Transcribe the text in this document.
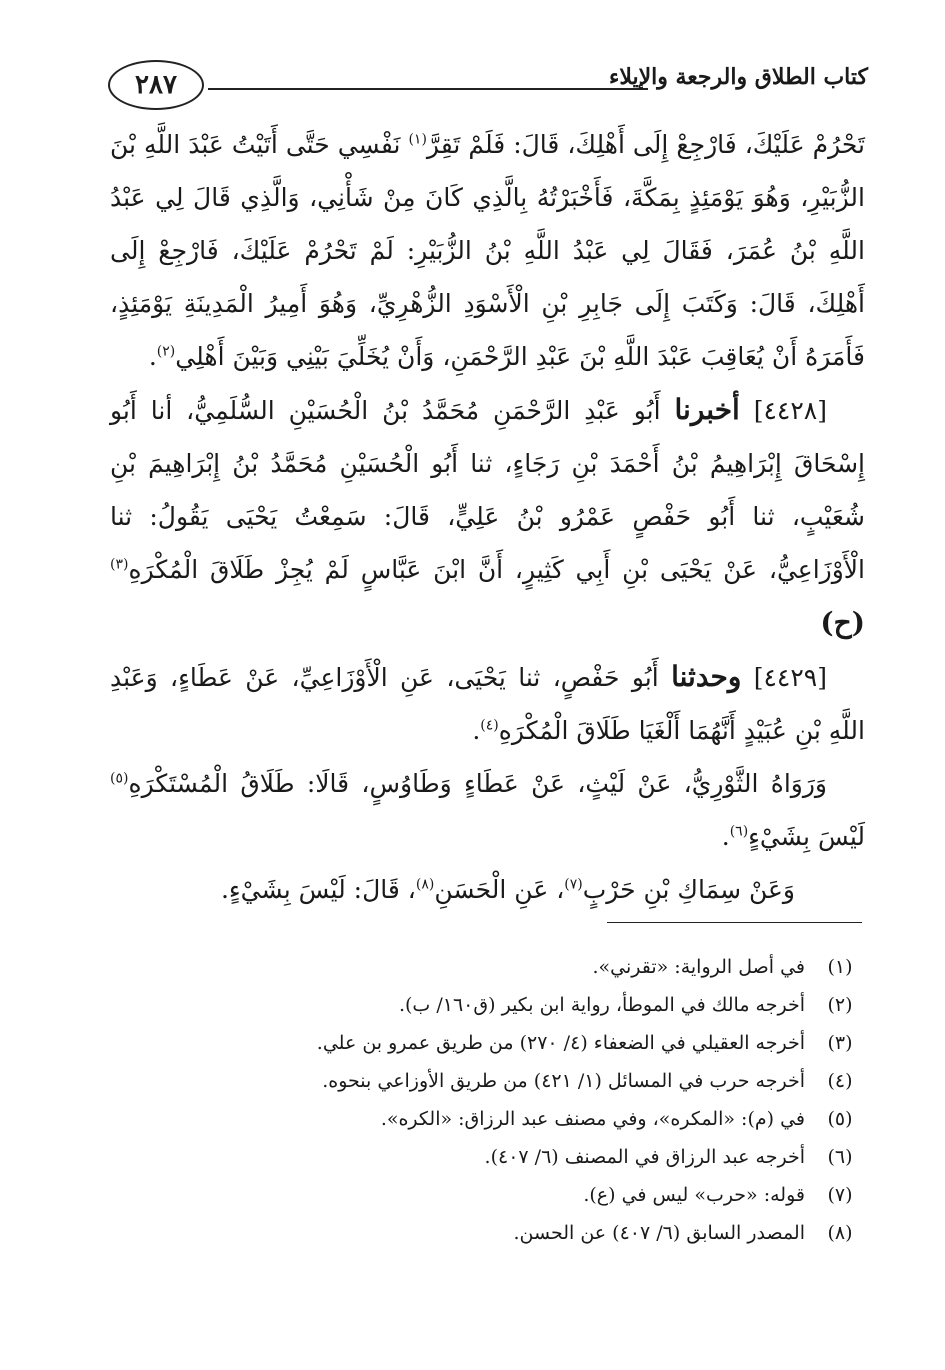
٢٨٧	كتاب الطلاق والرجعة والإيلاء

تَحْرُمْ عَلَيْكَ، فَارْجِعْ إِلَى أَهْلِكَ، قَالَ: فَلَمْ تَقِرَّ$^{(١)}$ نَفْسِي حَتَّى أَتَيْتُ عَبْدَ اللَّهِ بْنَ الزُّبَيْرِ، وَهُوَ يَوْمَئِذٍ بِمَكَّةَ، فَأَخْبَرْتُهُ بِالَّذِي كَانَ مِنْ شَأْنِي، وَالَّذِي قَالَ لِي عَبْدُ اللَّهِ بْنُ عُمَرَ، فَقَالَ لِي عَبْدُ اللَّهِ بْنُ الزُّبَيْرِ: لَمْ تَحْرُمْ عَلَيْكَ، فَارْجِعْ إِلَى أَهْلِكَ، قَالَ: وَكَتَبَ إِلَى جَابِرِ بْنِ الْأَسْوَدِ الزُّهْرِيِّ، وَهُوَ أَمِيرُ الْمَدِينَةِ يَوْمَئِذٍ، فَأَمَرَهُ أَنْ يُعَاقِبَ عَبْدَ اللَّهِ بْنَ عَبْدِ الرَّحْمَنِ، وَأَنْ يُخَلِّيَ بَيْنِي وَبَيْنَ أَهْلِي$^{(٢)}$.

[٤٤٢٨] أخبرنا أَبُو عَبْدِ الرَّحْمَنِ مُحَمَّدُ بْنُ الْحُسَيْنِ السُّلَمِيُّ، أنا أَبُو إِسْحَاقَ إِبْرَاهِيمُ بْنُ أَحْمَدَ بْنِ رَجَاءٍ، ثنا أَبُو الْحُسَيْنِ مُحَمَّدُ بْنُ إِبْرَاهِيمَ بْنِ شُعَيْبٍ، ثنا أَبُو حَفْصٍ عَمْرُو بْنُ عَلِيٍّ، قَالَ: سَمِعْتُ يَحْيَى يَقُولُ: ثنا الْأَوْزَاعِيُّ، عَنْ يَحْيَى بْنِ أَبِي كَثِيرٍ، أَنَّ ابْنَ عَبَّاسٍ لَمْ يُجِزْ طَلَاقَ الْمُكْرَهِ$^{(٣)}$ (ح)

[٤٤٢٩] وحدثنا أَبُو حَفْصٍ، ثنا يَحْيَى، عَنِ الْأَوْزَاعِيِّ، عَنْ عَطَاءٍ، وَعَبْدِ اللَّهِ بْنِ عُبَيْدٍ أَنَّهُمَا أَلْغَيَا طَلَاقَ الْمُكْرَهِ$^{(٤)}$.

وَرَوَاهُ الثَّوْرِيُّ، عَنْ لَيْثٍ، عَنْ عَطَاءٍ وَطَاوُسٍ، قَالَا: طَلَاقُ الْمُسْتَكْرَهِ$^{(٥)}$ لَيْسَ بِشَيْءٍ$^{(٦)}$.

وَعَنْ سِمَاكِ بْنِ حَرْبٍ$^{(٧)}$، عَنِ الْحَسَنِ$^{(٨)}$، قَالَ: لَيْسَ بِشَيْءٍ.

(١)
في أصل الرواية: «تقرني».
(٢)
أخرجه مالك في الموطأ، رواية ابن بكير (ق١٦٠/ ب).
(٣)
أخرجه العقيلي في الضعفاء (٤/ ٢٧٠) من طريق عمرو بن علي.
(٤)
أخرجه حرب في المسائل (١/ ٤٢١) من طريق الأوزاعي بنحوه.
(٥)
في (م): «المكره»، وفي مصنف عبد الرزاق: «الكره».
(٦)
أخرجه عبد الرزاق في المصنف (٦/ ٤٠٧).
(٧)
قوله: «حرب» ليس في (ع).
(٨)
المصدر السابق (٦/ ٤٠٧) عن الحسن.
